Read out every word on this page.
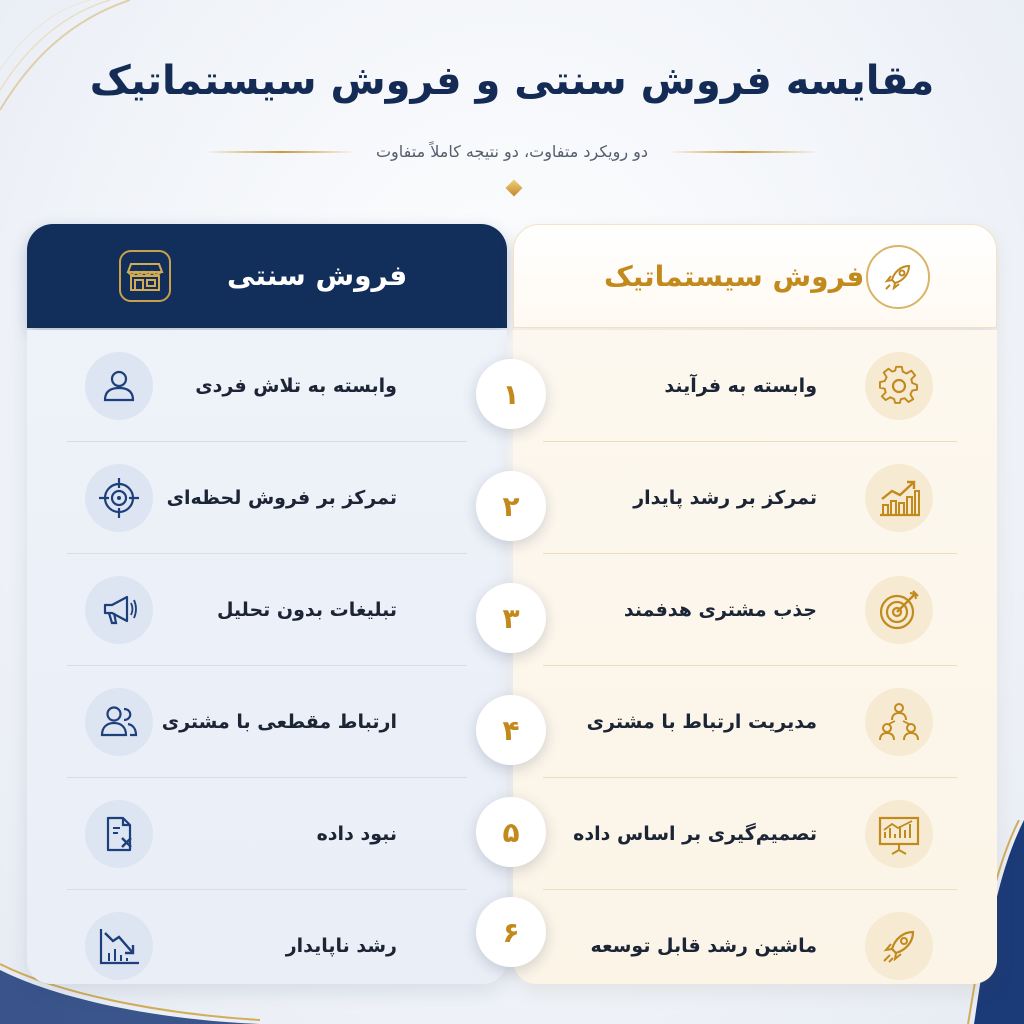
مقایسه فروش سنتی و فروش سیستماتیک
دو رویکرد متفاوت، دو نتیجه کاملاً متفاوت
فروش سنتی	فروش سیستماتیک
وابسته به تلاش فردی
تمرکز بر فروش لحظه‌ای
تبلیغات بدون تحلیل
ارتباط مقطعی با مشتری
نبود داده
رشد ناپایدار
وابسته به فرآیند
تمرکز بر رشد پایدار
جذب مشتری هدفمند
مدیریت ارتباط با مشتری
تصمیم‌گیری بر اساس داده
ماشین رشد قابل توسعه
۱
۲
۳
۴
۵
۶
